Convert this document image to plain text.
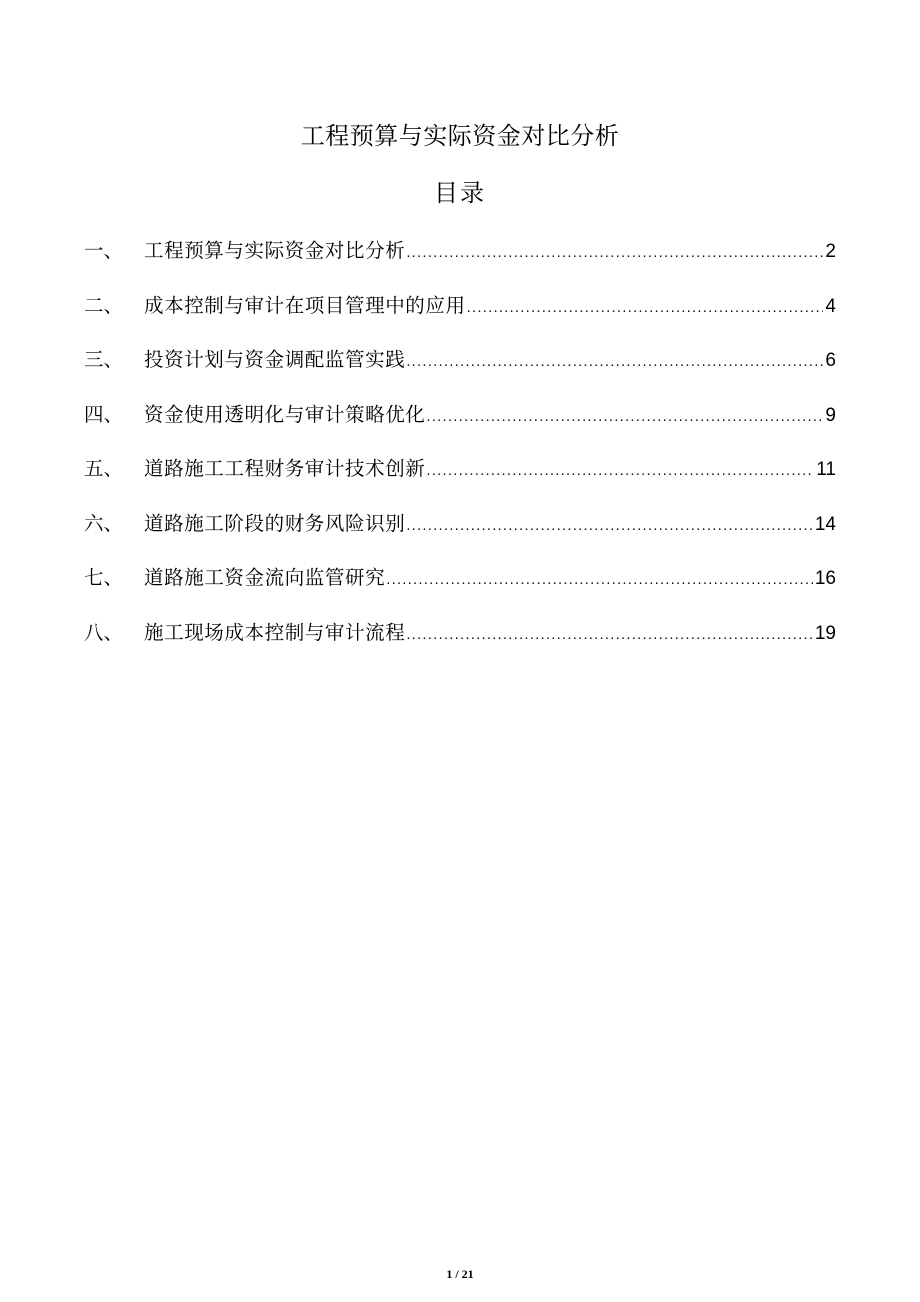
工程预算与实际资金对比分析
目录
一、	工程预算与实际资金对比分析 .....	2
二、	成本控制与审计在项目管理中的应用 .....	4
三、	投资计划与资金调配监管实践 .....	6
四、	资金使用透明化与审计策略优化 .....	9
五、	道路施工工程财务审计技术创新 .....	11
六、	道路施工阶段的财务风险识别 .....	14
七、	道路施工资金流向监管研究 .....	16
八、	施工现场成本控制与审计流程 .....	19
1 / 21
